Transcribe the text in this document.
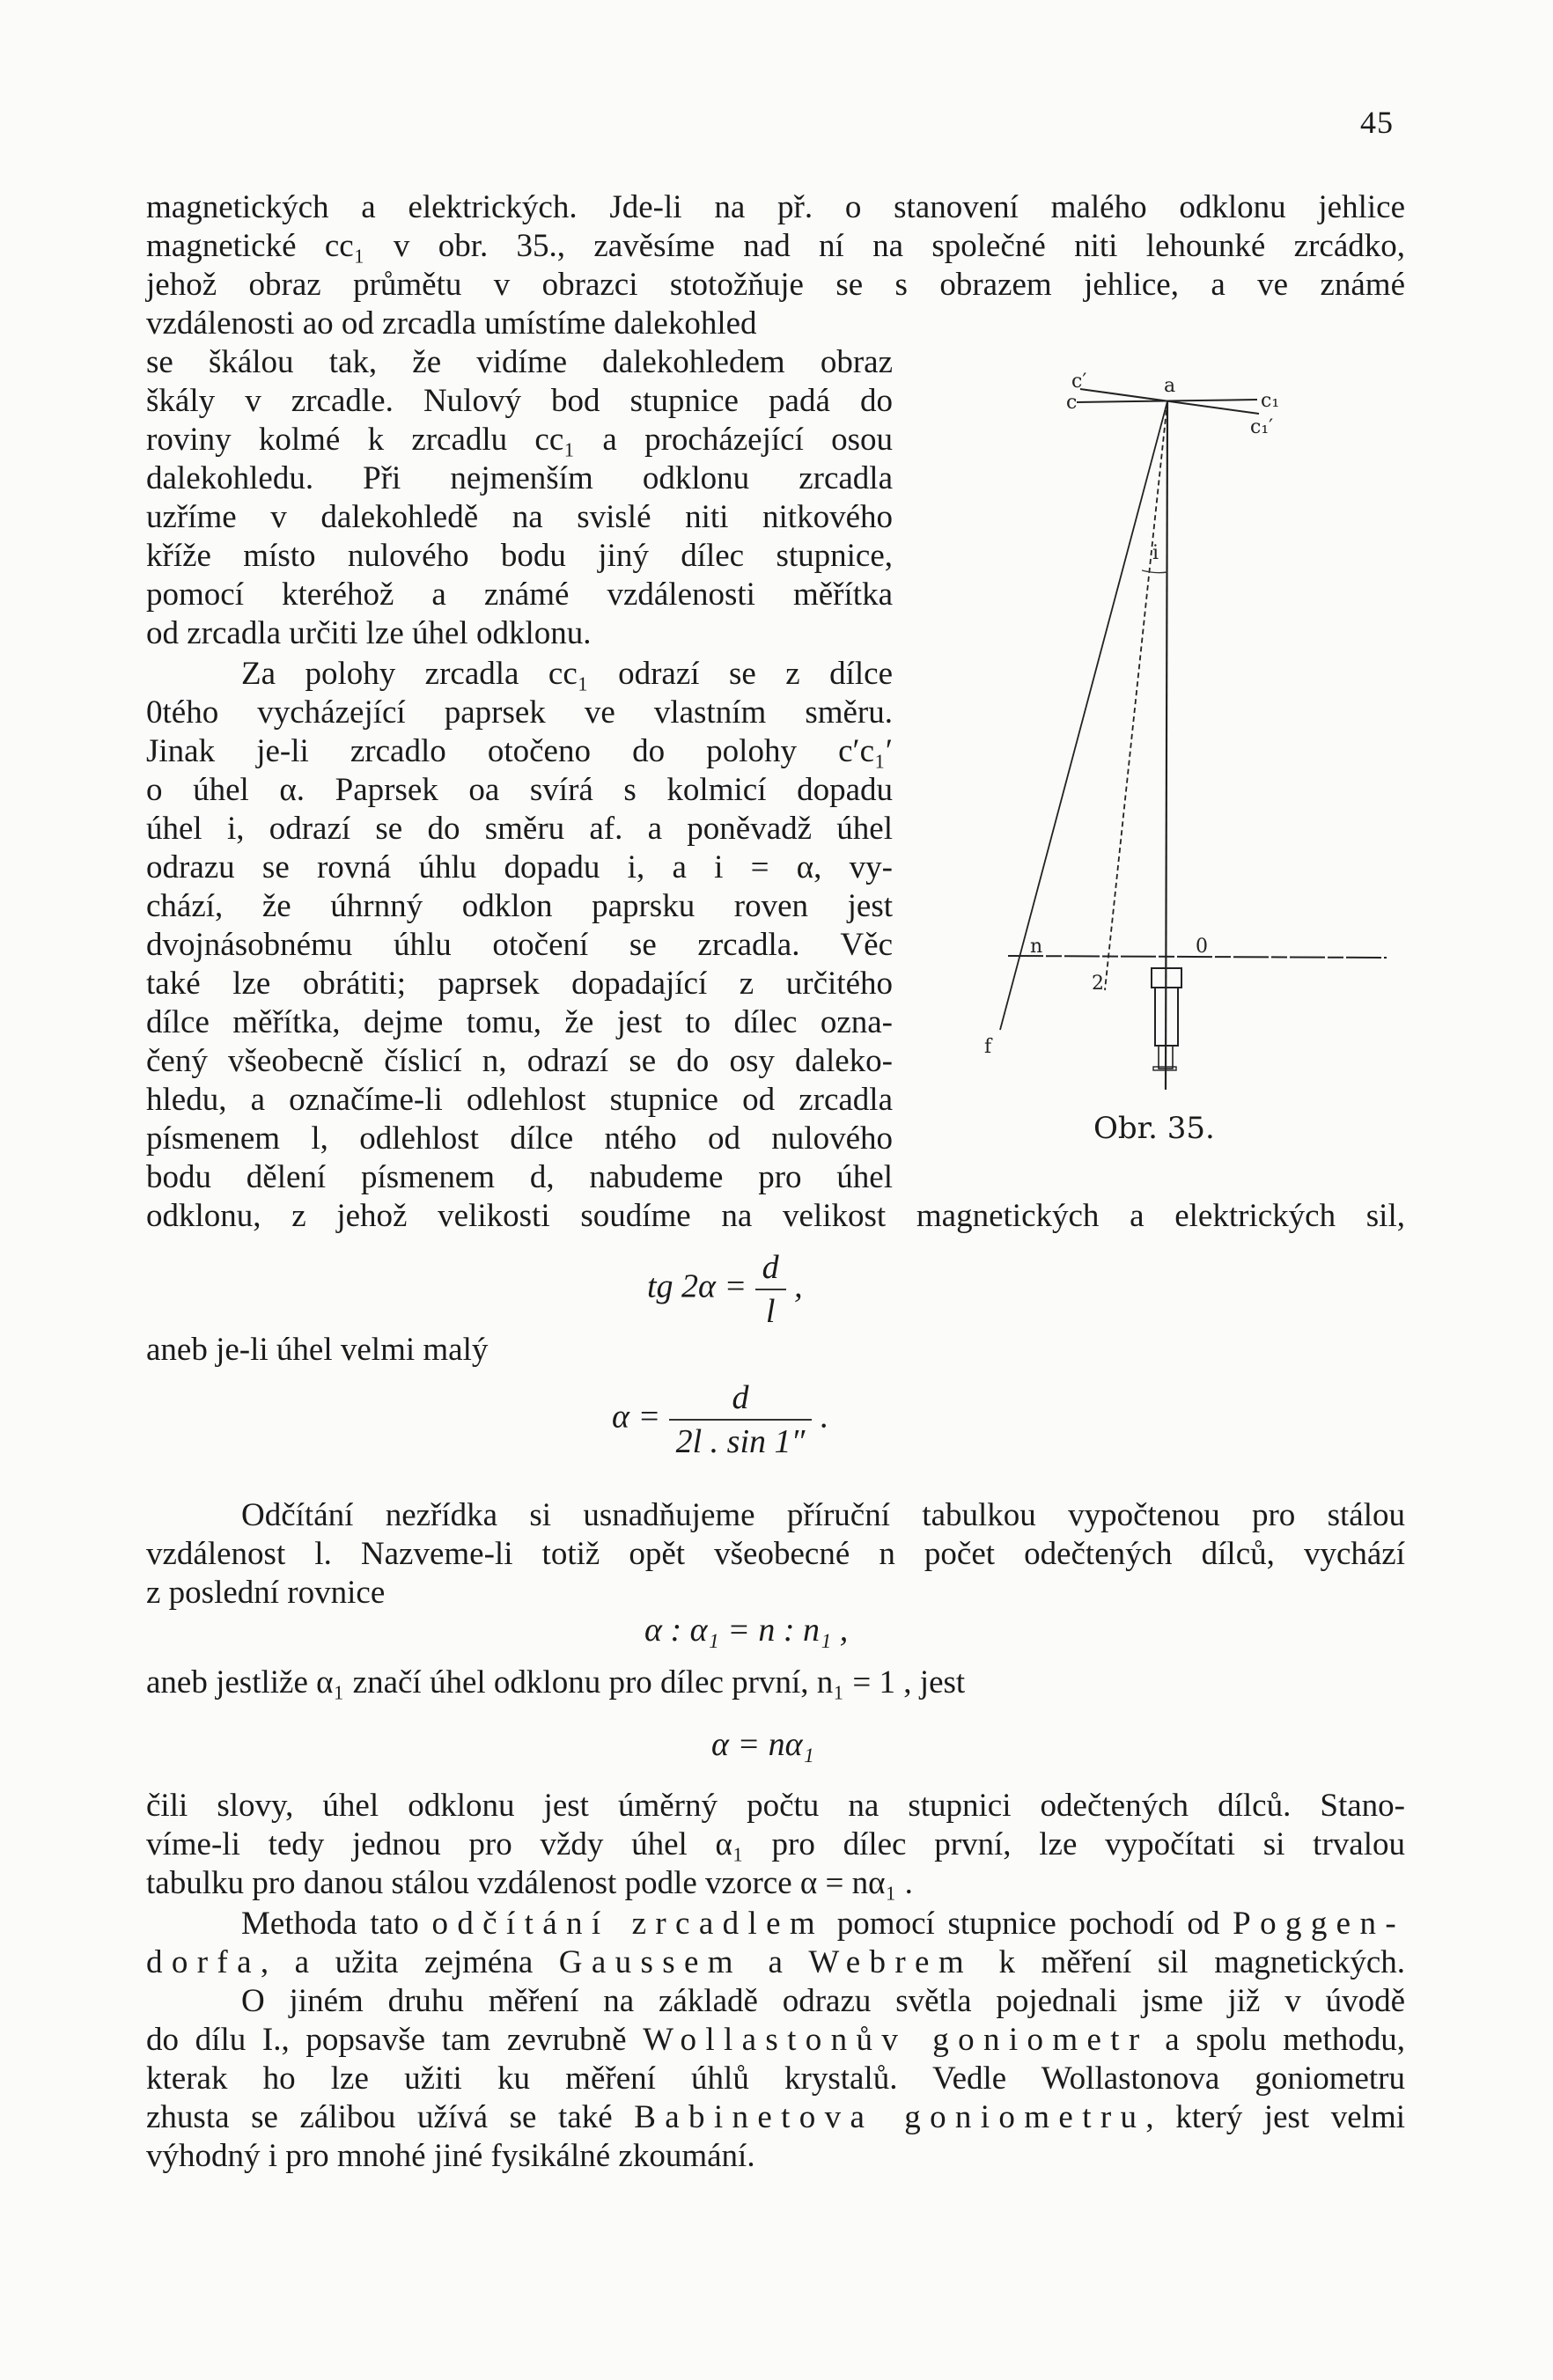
45
magnetických a elektrických. Jde-li na př. o stanovení malého odklonu jehlice
magnetické cc₁ v obr. 35., zavěsíme nad ní na společné niti lehounké zrcádko,
jehož obraz průmětu v obrazci stotožňuje se s obrazem jehlice, a ve známé
vzdálenosti ao od zrcadla umístíme dalekohled
se škálou tak, že vidíme dalekohledem obraz
škály v zrcadle. Nulový bod stupnice padá do
roviny kolmé k zrcadlu cc₁ a procházející osou
dalekohledu. Při nejmenším odklonu zrcadla
uzříme v dalekohledě na svislé niti nitkového
kříže místo nulového bodu jiný dílec stupnice,
pomocí kteréhož a známé vzdálenosti měřítka
od zrcadla určiti lze úhel odklonu.
Za polohy zrcadla cc₁ odrazí se z dílce
0tého vycházející paprsek ve vlastním směru.
Jinak je-li zrcadlo otočeno do polohy c′c₁′
o úhel α. Paprsek oa svírá s kolmicí dopadu
úhel i, odrazí se do směru af. a poněvadž úhel
odrazu se rovná úhlu dopadu i, a i = α, vy-
chází, že úhrnný odklon paprsku roven jest
dvojnásobnému úhlu otočení se zrcadla. Věc
také lze obrátiti; paprsek dopadající z určitého
dílce měřítka, dejme tomu, že jest to dílec ozna-
čený všeobecně číslicí n, odrazí se do osy daleko-
hledu, a označíme-li odlehlost stupnice od zrcadla
písmenem l, odlehlost dílce ntého od nulového
bodu dělení písmenem d, nabudeme pro úhel
odklonu, z jehož velikosti soudíme na velikost magnetických a elektrických sil,
tg $2\alpha = \frac{d}{l}$ ,
aneb je-li úhel velmi malý
$\alpha = \frac{d}{2l . \sin 1''}$ .
Odčítání nezřídka si usnadňujeme příruční tabulkou vypočtenou pro stálou
vzdálenost l. Nazveme-li totiž opět všeobecné n počet odečtených dílců, vychází
z poslední rovnice
α : α₁ = n : n₁ ,
aneb jestliže α₁ značí úhel odklonu pro dílec první, n₁ = 1 , jest
α = nα₁
čili slovy, úhel odklonu jest úměrný počtu na stupnici odečtených dílců. Stano-
víme-li tedy jednou pro vždy úhel α₁ pro dílec první, lze vypočítati si trvalou
tabulku pro danou stálou vzdálenost podle vzorce α = nα₁ .
Methoda tato odčítání zrcadlem pomocí stupnice pochodí od Poggen-
dorfa, a užita zejména Gaussem a Webrem k měření sil magnetických.
O jiném druhu měření na základě odrazu světla pojednali jsme již v úvodě
do dílu I., popsavše tam zevrubně Wollastonův goniometr a spolu methodu,
kterak ho lze užiti ku měření úhlů krystalů. Vedle Wollastonova goniometru
zhusta se zálibou užívá se také Babinetova goniometru, který jest velmi
výhodný i pro mnohé jiné fysikálné zkoumání.
c′
c
a
c₁
c₁′
i
n	0
2
f
Obr. 35.
